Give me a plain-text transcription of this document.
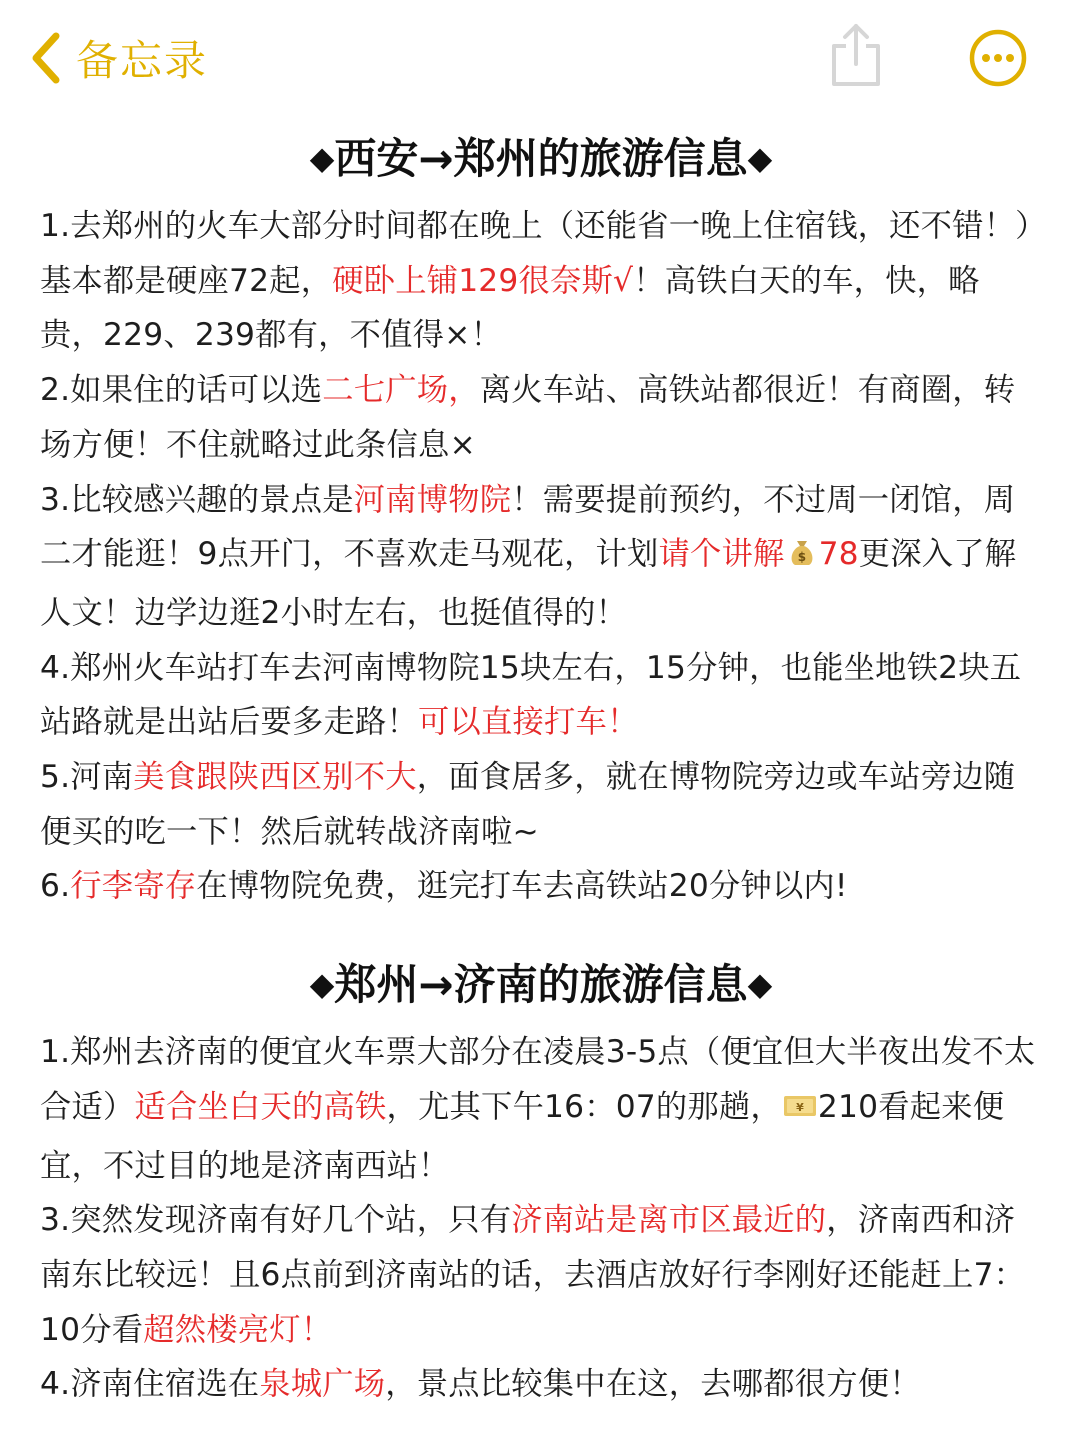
备忘录
◆西安→郑州的旅游信息◆
1.去郑州的火车大部分时间都在晚上（还能省一晚上住宿钱，还不错！）基本都是硬座72起，硬卧上铺129很奈斯√！高铁白天的车，快，略贵，229、239都有，不值得×！
2.如果住的话可以选二七广场，离火车站、高铁站都很近！有商圈，转场方便！不住就略过此条信息×
3.比较感兴趣的景点是河南博物院！需要提前预约，不过周一闭馆，周二才能逛！9点开门，不喜欢走马观花，计划请个讲解 $ 78更深入了解人文！边学边逛2小时左右，也挺值得的！
4.郑州火车站打车去河南博物院15块左右，15分钟，也能坐地铁2块五站路就是出站后要多走路！可以直接打车！
5.河南美食跟陕西区别不大，面食居多，就在博物院旁边或车站旁边随便买的吃一下！然后就转战济南啦~
6.行李寄存在博物院免费，逛完打车去高铁站20分钟以内!
◆郑州→济南的旅游信息◆
1.郑州去济南的便宜火车票大部分在凌晨3-5点（便宜但大半夜出发不太合适）适合坐白天的高铁，尤其下午16：07的那趟， ¥ 210看起来便宜，不过目的地是济南西站！
3.突然发现济南有好几个站，只有济南站是离市区最近的，济南西和济南东比较远！且6点前到济南站的话，去酒店放好行李刚好还能赶上7：10分看超然楼亮灯！
4.济南住宿选在泉城广场，景点比较集中在这，去哪都很方便！
